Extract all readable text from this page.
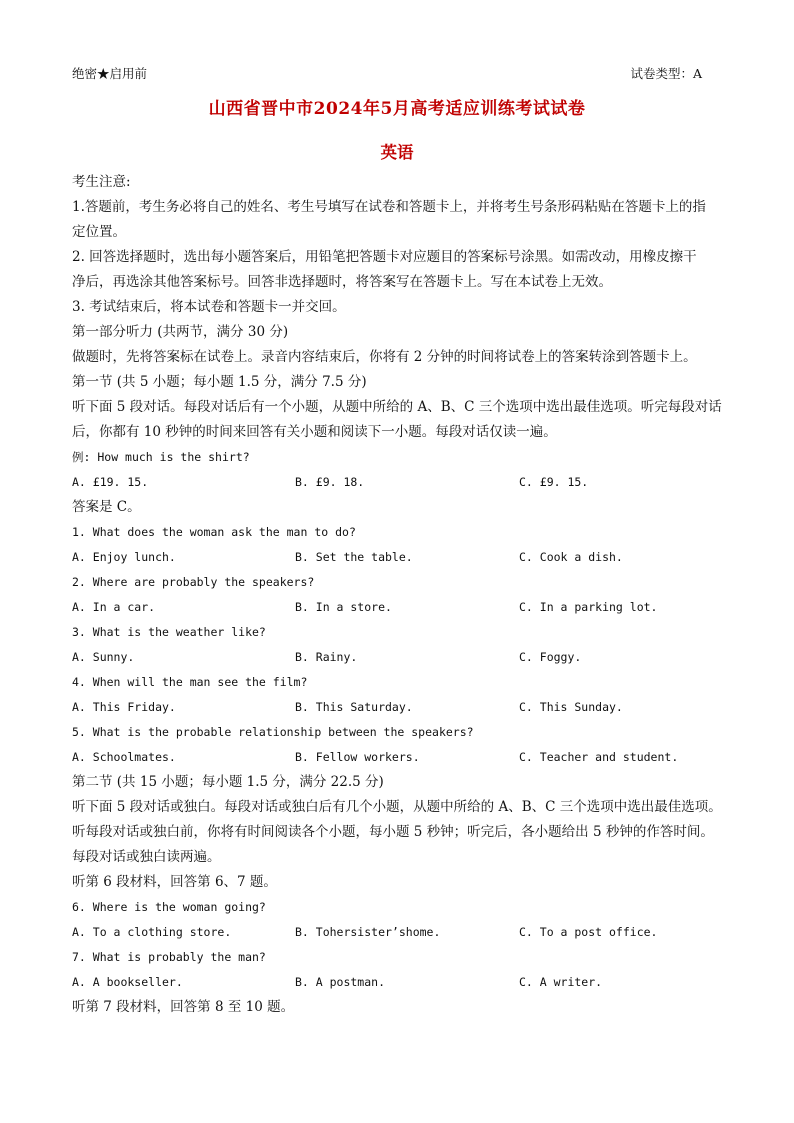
绝密★启用前	试卷类型：A
山西省晋中市2024年5月高考适应训练考试试卷
英语
考生注意:
1.答题前，考生务必将自己的姓名、考生号填写在试卷和答题卡上，并将考生号条形码粘贴在答题卡上的指
定位置。
2. 回答选择题时，选出每小题答案后，用铅笔把答题卡对应题目的答案标号涂黑。如需改动，用橡皮擦干
净后，再选涂其他答案标号。回答非选择题时，将答案写在答题卡上。写在本试卷上无效。
3. 考试结束后，将本试卷和答题卡一并交回。
第一部分听力 (共两节，满分 30 分)
做题时，先将答案标在试卷上。录音内容结束后，你将有 2 分钟的时间将试卷上的答案转涂到答题卡上。
第一节 (共 5 小题；每小题 1.5 分，满分 7.5 分)
听下面 5 段对话。每段对话后有一个小题，从题中所给的 A、B、C 三个选项中选出最佳选项。听完每段对话
后，你都有 10 秒钟的时间来回答有关小题和阅读下一小题。每段对话仅读一遍。
例: How much is the shirt?
A. £19. 15.	B. £9. 18.	C. £9. 15.
答案是 C。
1. What does the woman ask the man to do?
A. Enjoy lunch.	B. Set the table.	C. Cook a dish.
2. Where are probably the speakers?
A. In a car.	B. In a store.	C. In a parking lot.
3. What is the weather like?
A. Sunny.	B. Rainy.	C. Foggy.
4. When will the man see the film?
A. This Friday.	B. This Saturday.	C. This Sunday.
5. What is the probable relationship between the speakers?
A. Schoolmates.	B. Fellow workers.	C. Teacher and student.
第二节 (共 15 小题；每小题 1.5 分，满分 22.5 分)
听下面 5 段对话或独白。每段对话或独白后有几个小题，从题中所给的 A、B、C 三个选项中选出最佳选项。
听每段对话或独白前，你将有时间阅读各个小题，每小题 5 秒钟；听完后，各小题给出 5 秒钟的作答时间。
每段对话或独白读两遍。
听第 6 段材料，回答第 6、7 题。
6. Where is the woman going?
A. To a clothing store.	B. Tohersister’shome.	C. To a post office.
7. What is probably the man?
A. A bookseller.	B. A postman.	C. A writer.
听第 7 段材料，回答第 8 至 10 题。
